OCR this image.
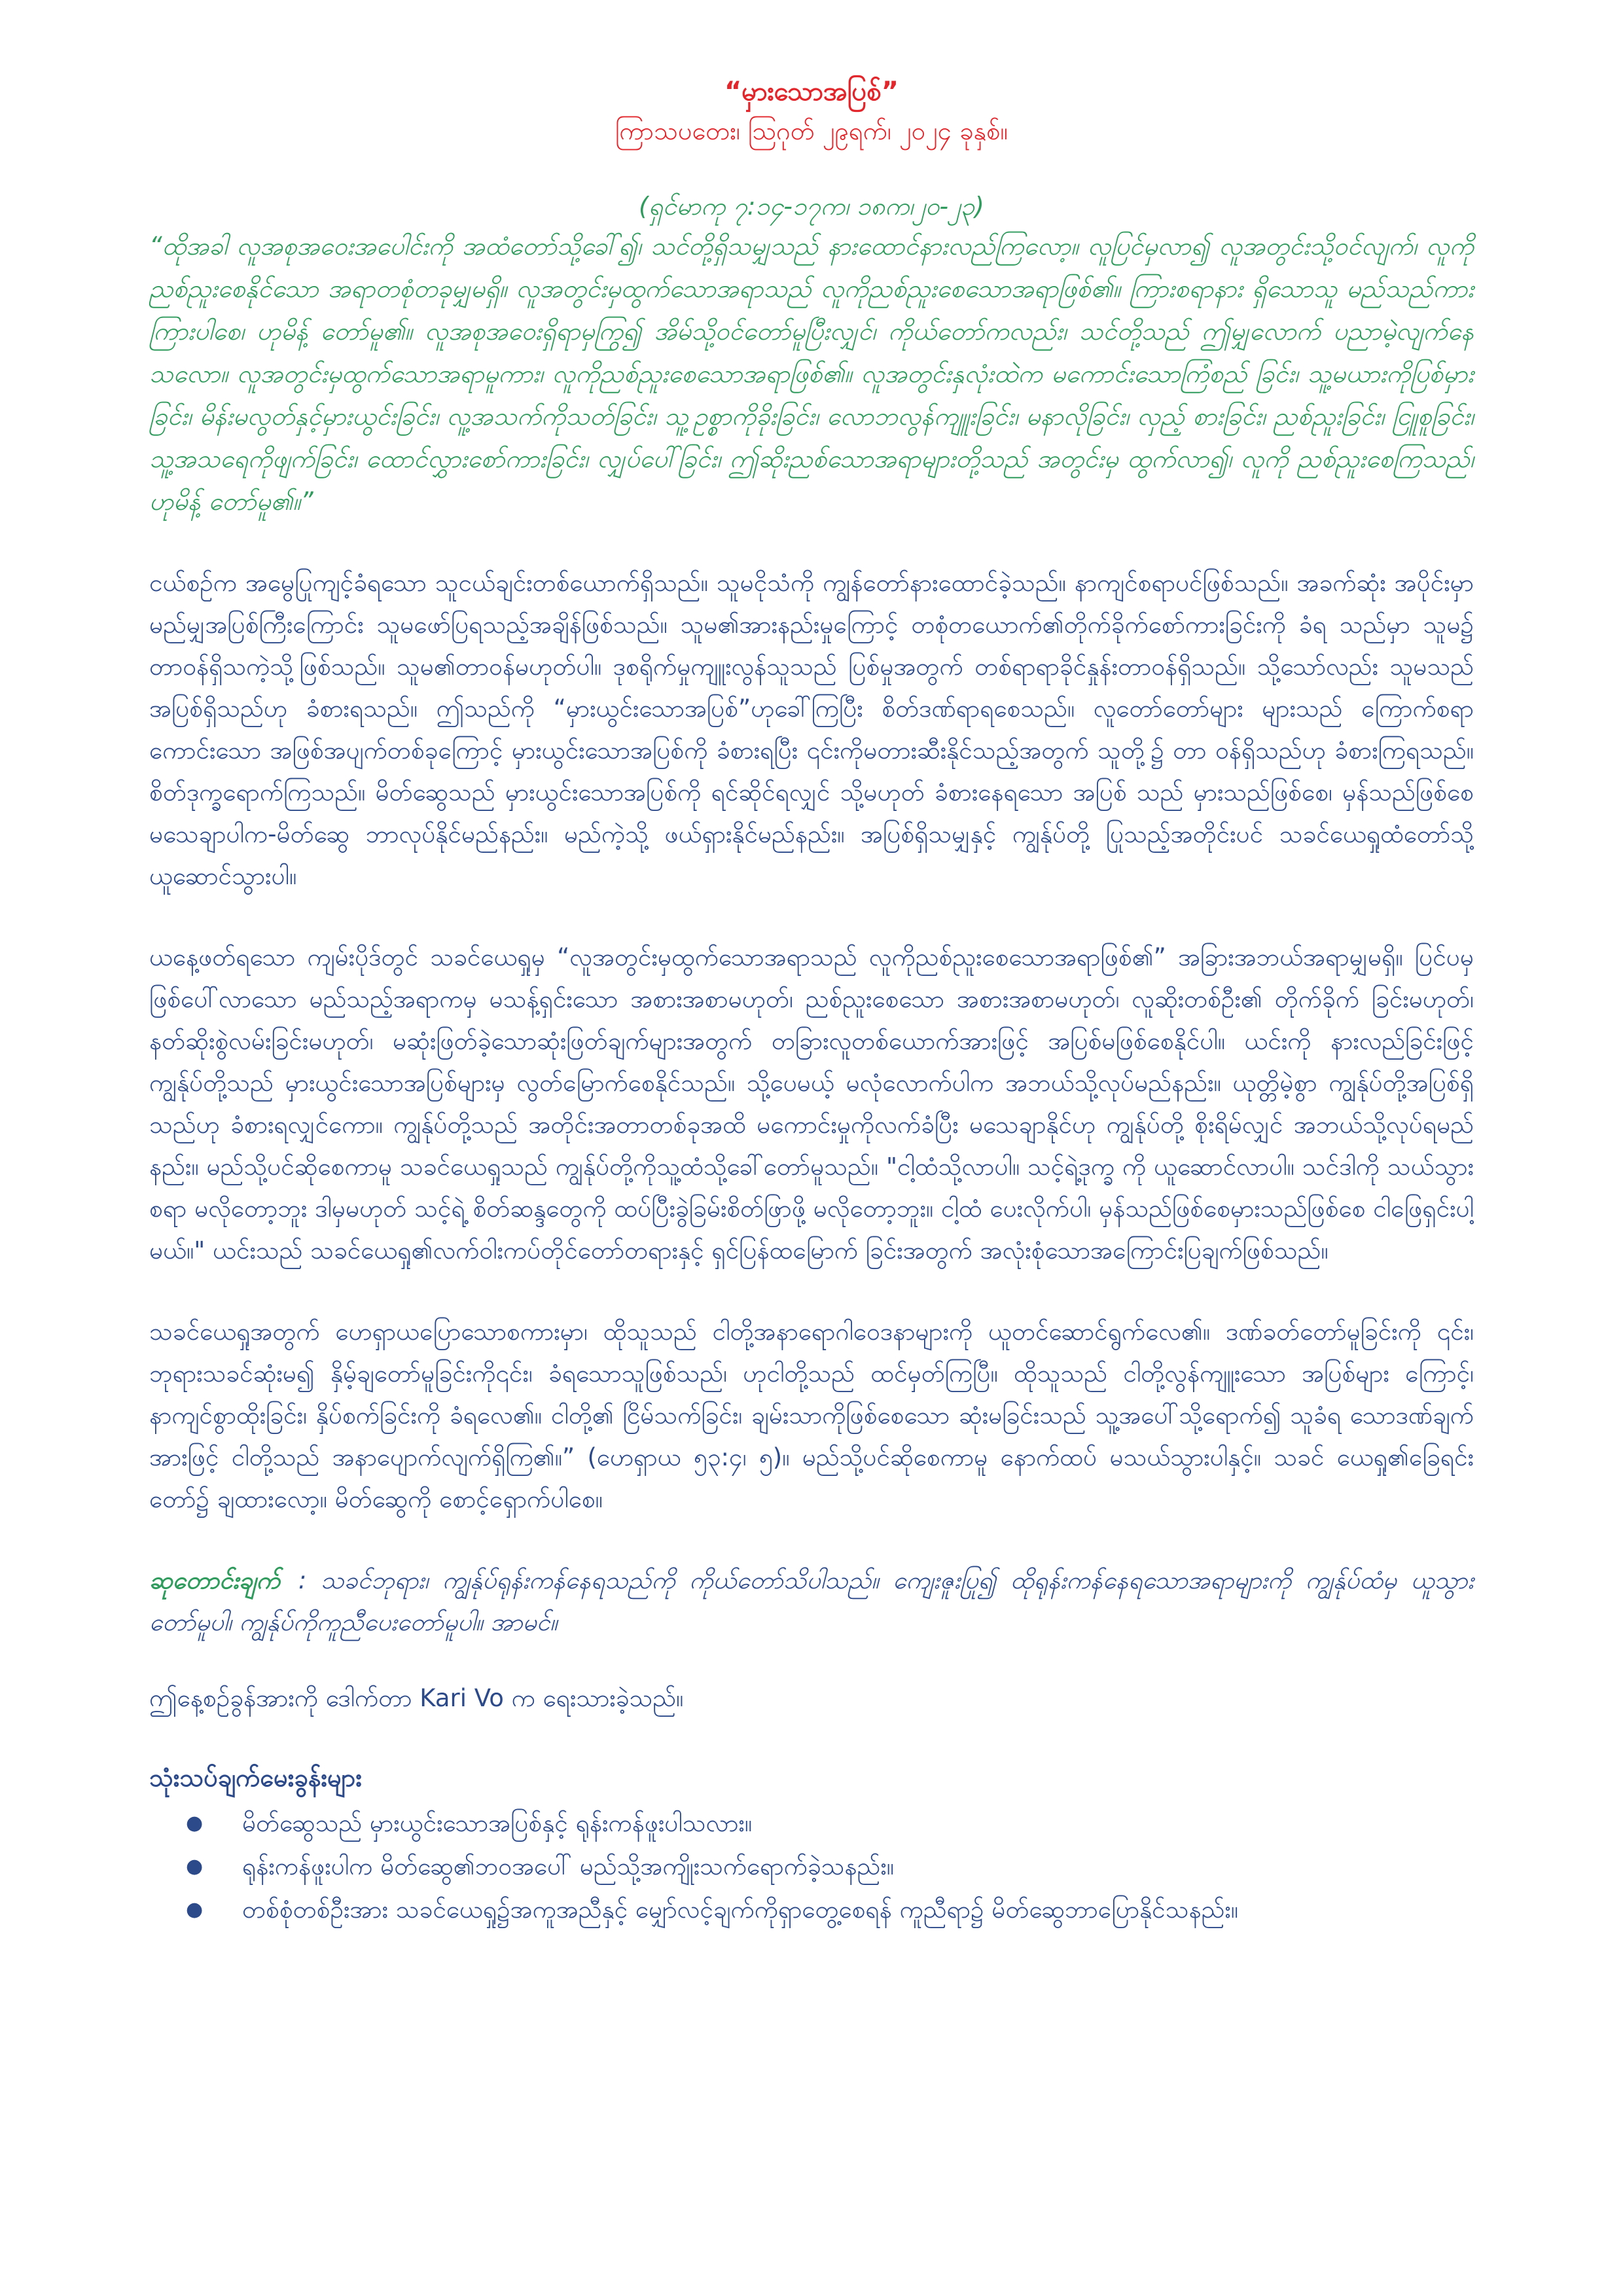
“မှားသောအပြစ်”
ကြာသပတေး၊ ဩဂုတ် ၂၉ရက်၊ ၂၀၂၄ ခုနှစ်။
(ရှင်မာကု ၇:၁၄-၁၇က၊ ၁၈က၊၂၀-၂၃)

“ထိုအခါ လူအစုအဝေးအပေါင်းကို အထံတော်သို့ခေါ်၍၊ သင်တို့ရှိသမျှသည် နားထောင်နားလည်ကြလော့။ လူပြင်မှလာ၍ လူအတွင်းသို့ဝင်လျက်၊ လူကိုညစ်ညူးစေနိုင်သော အရာတစုံတခုမျှမရှိ။ လူအတွင်းမှထွက်သောအရာသည် လူကိုညစ်ညူးစေသောအရာဖြစ်၏။ ကြားစရာနား ရှိသောသူ မည်သည်ကား ကြားပါစေ၊ ဟုမိန့် တော်မူ၏။ လူအစုအဝေးရှိရာမှကြွ၍ အိမ်သို့ဝင်တော်မူပြီးလျှင်၊ ကိုယ်တော်ကလည်း၊ သင်တို့သည် ဤမျှလောက် ပညာမဲ့လျက်နေသလော။ လူအတွင်းမှထွက်သောအရာမူကား၊ လူကိုညစ်ညူးစေသောအရာဖြစ်၏။ လူအတွင်းနှလုံးထဲက မကောင်းသောကြံစည် ခြင်း၊ သူ့မယားကိုပြစ်မှားခြင်း၊ မိန်းမလွတ်နှင့်မှားယွင်းခြင်း၊ လူ့အသက်ကိုသတ်ခြင်း၊ သူ့ဥစ္စာကိုခိုးခြင်း၊ လောဘလွန်ကျူးခြင်း၊ မနာလိုခြင်း၊ လှည့် စားခြင်း၊ ညစ်ညူးခြင်း၊ ငြူစူခြင်း၊ သူ့အသရေကိုဖျက်ခြင်း၊ ထောင်လွှားစော်ကားခြင်း၊ လျှပ်ပေါ်ခြင်း၊ ဤဆိုးညစ်သောအရာများတို့သည် အတွင်းမှ ထွက်လာ၍၊ လူကို ညစ်ညူးစေကြသည်၊ ဟုမိန့် တော်မူ၏။”

ငယ်စဉ်က အမွေပြုကျင့်ခံရသော သူငယ်ချင်းတစ်ယောက်ရှိသည်။ သူမငိုသံကို ကျွန်တော်နားထောင်ခဲ့သည်။ နာကျင်စရာပင်ဖြစ်သည်။ အခက်ဆုံး အပိုင်းမှာ မည်မျှအပြစ်ကြီးကြောင်း သူမဖော်ပြရသည့်အချိန်ဖြစ်သည်။ သူမ၏အားနည်းမှုကြောင့် တစုံတယောက်၏တိုက်ခိုက်စော်ကားခြင်းကို ခံရ သည်မှာ သူမ၌ တာဝန်ရှိသကဲ့သို့ဖြစ်သည်။ သူမ၏တာဝန်မဟုတ်ပါ။ ဒုစရိုက်မှုကျူးလွန်သူသည် ပြစ်မှုအတွက် တစ်ရာရာခိုင်နှုန်းတာဝန်ရှိသည်။ သို့သော်လည်း သူမသည် အပြစ်ရှိသည်ဟု ခံစားရသည်။ ဤသည်ကို “မှားယွင်းသောအပြစ်”ဟုခေါ်ကြပြီး စိတ်ဒဏ်ရာရစေသည်။ လူတော်တော်များ များသည် ကြောက်စရာကောင်းသော အဖြစ်အပျက်တစ်ခုကြောင့် မှားယွင်းသောအပြစ်ကို ခံစားရပြီး ၎င်းကိုမတားဆီးနိုင်သည့်အတွက် သူတို့၌ တာ ဝန်ရှိသည်ဟု ခံစားကြရသည်။ စိတ်ဒုက္ခရောက်ကြသည်။ မိတ်ဆွေသည် မှားယွင်းသောအပြစ်ကို ရင်ဆိုင်ရလျှင် သို့မဟုတ် ခံစားနေရသော အပြစ် သည် မှားသည်ဖြစ်စေ၊ မှန်သည်ဖြစ်စေ မသေချာပါက-မိတ်ဆွေ ဘာလုပ်နိုင်မည်နည်း။ မည်ကဲ့သို့ ဖယ်ရှားနိုင်မည်နည်း။ အပြစ်ရှိသမျှနှင့် ကျွန်ုပ်တို့ ပြုသည့်အတိုင်းပင် သခင်ယေရှုထံတော်သို့ ယူဆောင်သွားပါ။

ယနေ့ဖတ်ရသော ကျမ်းပိုဒ်တွင် သခင်ယေရှုမှ “လူအတွင်းမှထွက်သောအရာသည် လူကိုညစ်ညူးစေသောအရာဖြစ်၏” အခြားအဘယ်အရာမျှမရှိ။ ပြင်ပမှဖြစ်ပေါ်လာသော မည်သည့်အရာကမှ မသန့်ရှင်းသော အစားအစာမဟုတ်၊ ညစ်ညူးစေသော အစားအစာမဟုတ်၊ လူဆိုးတစ်ဦး၏ တိုက်ခိုက် ခြင်းမဟုတ်၊ နတ်ဆိုးစွဲလမ်းခြင်းမဟုတ်၊ မဆုံးဖြတ်ခဲ့သောဆုံးဖြတ်ချက်များအတွက် တခြားလူတစ်ယောက်အားဖြင့် အပြစ်မဖြစ်စေနိုင်ပါ။ ယင်းကို နားလည်ခြင်းဖြင့် ကျွန်ုပ်တို့သည် မှားယွင်းသောအပြစ်များမှ လွတ်မြောက်စေနိုင်သည်။ သို့ပေမယ့် မလုံလောက်ပါက အဘယ်သို့လုပ်မည်နည်း။ ယုတ္တိမဲ့စွာ ကျွန်ုပ်တို့အပြစ်ရှိသည်ဟု ခံစားရလျှင်ကော။ ကျွန်ုပ်တို့သည် အတိုင်းအတာတစ်ခုအထိ မကောင်းမှုကိုလက်ခံပြီး မသေချာနိုင်ဟု ကျွန်ုပ်တို့ စိုးရိမ်လျှင် အဘယ်သို့လုပ်ရမည်နည်း။ မည်သို့ပင်ဆိုစေကာမူ သခင်ယေရှုသည် ကျွန်ုပ်တို့ကိုသူ့ထံသို့ခေါ်တော်မူသည်။ "ငါ့ထံသို့လာပါ။ သင့်ရဲ့ဒုက္ခ ကို ယူဆောင်လာပါ။ သင်ဒါကို သယ်သွားစရာ မလိုတော့ဘူး ဒါမှမဟုတ် သင့်ရဲ့ စိတ်ဆန္ဒတွေကို ထပ်ပြီးခွဲခြမ်းစိတ်ဖြာဖို့ မလိုတော့ဘူး။ ငါ့ထံ ပေးလိုက်ပါ၊ မှန်သည်ဖြစ်စေမှားသည်ဖြစ်စေ ငါဖြေရှင်းပါ့မယ်။" ယင်းသည် သခင်ယေရှု၏လက်ဝါးကပ်တိုင်တော်တရားနှင့် ရှင်ပြန်ထမြောက် ခြင်းအတွက် အလုံးစုံသောအကြောင်းပြချက်ဖြစ်သည်။

သခင်ယေရှုအတွက် ဟေရှာယပြောသောစကားမှာ၊ ထိုသူသည် ငါတို့အနာရောဂါဝေဒနာများကို ယူတင်ဆောင်ရွက်လေ၏။ ဒဏ်ခတ်တော်မူခြင်းကို ၎င်း၊ ဘုရားသခင်ဆုံးမ၍ နှိမ့်ချတော်မူခြင်းကို၎င်း၊ ခံရသောသူဖြစ်သည်၊ ဟုငါတို့သည် ထင်မှတ်ကြပြီ။ ထိုသူသည် ငါတို့လွန်ကျူးသော အပြစ်များ ကြောင့်၊ နာကျင်စွာထိုးခြင်း၊ နှိပ်စက်ခြင်းကို ခံရလေ၏။ ငါတို့၏ ငြိမ်သက်ခြင်း၊ ချမ်းသာကိုဖြစ်စေသော ဆုံးမခြင်းသည် သူ့အပေါ်သို့ရောက်၍ သူခံရ သောဒဏ်ချက်အားဖြင့် ငါတို့သည် အနာပျောက်လျက်ရှိကြ၏။” (ဟေရှာယ ၅၃:၄၊ ၅)။ မည်သို့ပင်ဆိုစေကာမူ နောက်ထပ် မသယ်သွားပါနှင့်။ သခင် ယေရှု၏ခြေရင်းတော်၌ ချထားလော့။ မိတ်ဆွေကို စောင့်ရှောက်ပါစေ။

ဆုတောင်းချက် : သခင်ဘုရား၊ ကျွန်ုပ်ရုန်းကန်နေရသည်ကို ကိုယ်တော်သိပါသည်။ ကျေးဇူးပြု၍ ထိုရုန်းကန်နေရသောအရာများကို ကျွန်ုပ်ထံမှ ယူသွားတော်မူပါ၊ ကျွန်ုပ်ကိုကူညီပေးတော်မူပါ။ အာမင်။

ဤနေ့စဉ်ခွန်အားကို ဒေါက်တာ Kari Vo က ရေးသားခဲ့သည်။

သုံးသပ်ချက်မေးခွန်းများ
● မိတ်ဆွေသည် မှားယွင်းသောအပြစ်နှင့် ရုန်းကန်ဖူးပါသလား။
● ရုန်းကန်ဖူးပါက မိတ်ဆွေ၏ဘဝအပေါ် မည်သို့အကျိုးသက်ရောက်ခဲ့သနည်း။
● တစ်စုံတစ်ဦးအား သခင်ယေရှု၌အကူအညီနှင့် မျှော်လင့်ချက်ကိုရှာတွေ့စေရန် ကူညီရာ၌ မိတ်ဆွေဘာပြောနိုင်သနည်း။
